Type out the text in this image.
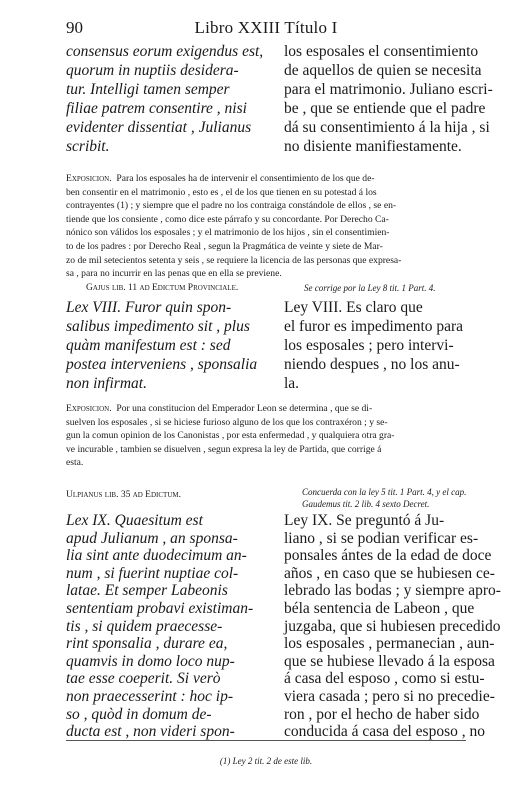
90	Libro XXIII Título I
consensus eorum exigendus est,
quorum in nuptiis desidera-
tur. Intelligi tamen semper
filiae patrem consentire , nisi
evidenter dissentiat , Julianus
scribit.
los esposales el consentimiento
de aquellos de quien se necesita
para el matrimonio. Juliano escri-
be , que se entiende que el padre
dá su consentimiento á la hija , si
no disiente manifiestamente.
Exposicion. Para los esposales ha de intervenir el consentimiento de los que de-
ben consentir en el matrimonio , esto es , el de los que tienen en su potestad á los
contrayentes (1) ; y siempre que el padre no los contraiga constándole de ellos , se en-
tiende que los consiente , como dice este párrafo y su concordante. Por Derecho Ca-
nónico son válidos los esposales ; y el matrimonio de los hijos , sin el consentimien-
to de los padres : por Derecho Real , segun la Pragmática de veinte y siete de Mar-
zo de mil setecientos setenta y seis , se requiere la licencia de las personas que expresa-
sa , para no incurrir en las penas que en ella se previene.
Gajus lib. 11 ad Edictum Provinciale.	Se corrige por la Ley 8 tit. 1 Part. 4.
Lex VIII. Furor quin spon-
salibus impedimento sit , plus
quàm manifestum est : sed
postea interveniens , sponsalia
non infirmat.
Ley VIII. Es claro que
el furor es impedimento para
los esposales ; pero intervi-
niendo despues , no los anu-
la.
Exposicion. Por una constitucion del Emperador Leon se determina , que se di-
suelven los esposales , si se hiciese furioso alguno de los que los contraxéron ; y se-
gun la comun opinion de los Canonistas , por esta enfermedad , y qualquiera otra gra-
ve incurable , tambien se disuelven , segun expresa la ley de Partida, que corrige á
esta.
Ulpianus lib. 35 ad Edictum.	Concuerda con la ley 5 tit. 1 Part. 4, y el cap.
Gaudemus tit. 2 lib. 4 sexto Decret.
Lex IX. Quaesitum est
apud Julianum , an sponsa-
lia sint ante duodecimum an-
num , si fuerint nuptiae col-
latae. Et semper Labeonis
sententiam probavi existiman-
tis , si quidem praecesse-
rint sponsalia , durare ea,
quamvis in domo loco nup-
tae esse coeperit. Si verò
non praecesserint : hoc ip-
so , quòd in domum de-
ducta est , non videri spon-
Ley IX. Se preguntó á Ju-
liano , si se podian verificar es-
ponsales ántes de la edad de doce
años , en caso que se hubiesen ce-
lebrado las bodas ; y siempre apro-
béla sentencia de Labeon , que
juzgaba, que si hubiesen precedido
los esposales , permanecian , aun-
que se hubiese llevado á la esposa
á casa del esposo , como si estu-
viera casada ; pero si no precedie-
ron , por el hecho de haber sido
conducida á casa del esposo , no
(1) Ley 2 tit. 2 de este lib.
